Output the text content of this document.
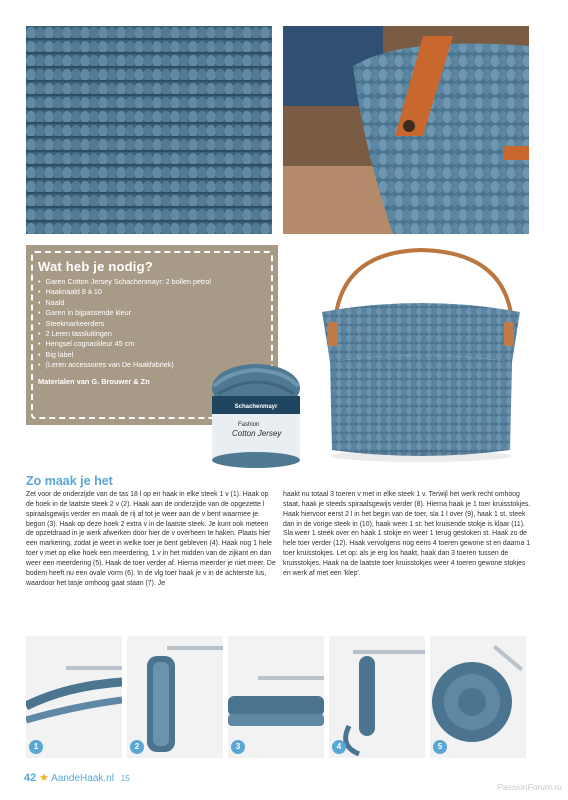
Wat heb je nodig?
• Garen Cotton Jersey Schachenmayr: 2 bollen petrol
• Haaknaald 8 à 10
• Naald
• Garen in bijpassende kleur
• Steekmarkeerders
• 2 Leren tassluitingen
• Hengsel cognackleur 45 cm
• Big label
• (Leren accessoires van De Haakfabriek)
Materialen van G. Brouwer & Zn
Schachenmayr
Fashion
Cotton Jersey
Zo maak je het
Zet voor de onderzijde van de tas 18 l op en haak in elke steek 1 v (1). Haak op de hoek in de laatste steek 2 v (2). Haak aan de onderzijde van de opgezette l spiraalsgewijs verder en maak de rij af tot je weer aan de v bent waarmee je begon (3). Haak op deze hoek 2 extra v in de laatste steek. Je kunt ook meteen de opzetdraad in je werk afwerken door hier de v overheen te haken. Plaats hier een markering, zodat je weet in welke toer je bent gebleven (4). Haak nog 1 hele toer v met op elke hoek een meerdering, 1 v in het midden van de zijkant en dan weer een meerdering (5). Haak de toer verder af. Hierna meerder je niet meer. De bodem heeft nu een ovale vorm (6). In de vlg toer haak je v in de achterste lus, waardoor het tasje omhoog gaat staan (7). Je
haakt nu totaal 3 toeren v met in elke steek 1 v. Terwijl het werk recht omhoog staat, haak je steeds spiraalsgewijs verder (8). Hierna haak je 1 toer kruisstokjes. Haak hiervoor eerst 2 l in het begin van de toer, sla 1 l over (9), haak 1 st, steek dan in de vorige steek in (10), haak weer 1 st: het kruisende stokje is klaar (11). Sla weer 1 steek over en haak 1 stokje en weer 1 terug gestoken st. Haak zo de hele toer verder (12). Haak vervolgens nog eens 4 toeren gewone st en daarna 1 toer kruisstokjes. Let op: als je erg los haakt, haak dan 3 toeren tussen de kruisstokjes. Haak na de laatste toer kruisstokjes weer 4 toeren gewone stokjes en werk af met een 'klep'.
1	2	3	4	5
42 ★ AandeHaak.nl 15
PassionForum.ru
